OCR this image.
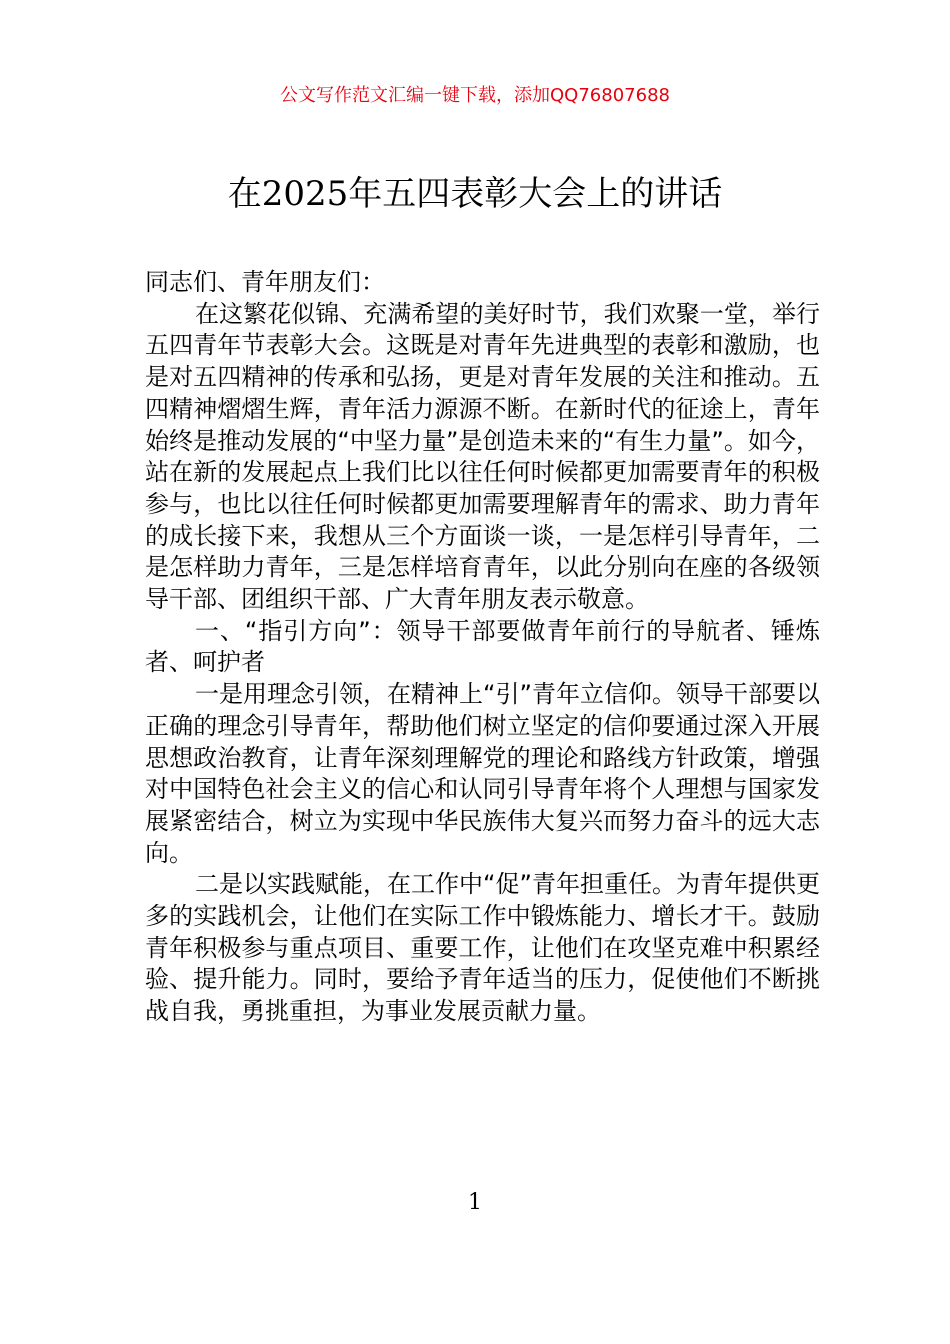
公文写作范文汇编一键下载，添加QQ76807688
在2025年五四表彰大会上的讲话

同志们、青年朋友们：

在这繁花似锦、充满希望的美好时节，我们欢聚一堂，举行五四青年节表彰大会。这既是对青年先进典型的表彰和激励，也是对五四精神的传承和弘扬，更是对青年发展的关注和推动。五四精神熠熠生辉，青年活力源源不断。在新时代的征途上，青年始终是推动发展的“中坚力量”是创造未来的“有生力量”。如今，站在新的发展起点上我们比以往任何时候都更加需要青年的积极参与，也比以往任何时候都更加需要理解青年的需求、助力青年的成长接下来，我想从三个方面谈一谈，一是怎样引导青年，二是怎样助力青年，三是怎样培育青年，以此分别向在座的各级领导干部、团组织干部、广大青年朋友表示敬意。

一、“指引方向”：领导干部要做青年前行的导航者、锤炼者、呵护者

一是用理念引领，在精神上“引”青年立信仰。领导干部要以正确的理念引导青年，帮助他们树立坚定的信仰要通过深入开展思想政治教育，让青年深刻理解党的理论和路线方针政策，增强对中国特色社会主义的信心和认同引导青年将个人理想与国家发展紧密结合，树立为实现中华民族伟大复兴而努力奋斗的远大志向。

二是以实践赋能，在工作中“促”青年担重任。为青年提供更多的实践机会，让他们在实际工作中锻炼能力、增长才干。鼓励青年积极参与重点项目、重要工作，让他们在攻坚克难中积累经验、提升能力。同时，要给予青年适当的压力，促使他们不断挑战自我，勇挑重担，为事业发展贡献力量。

1
